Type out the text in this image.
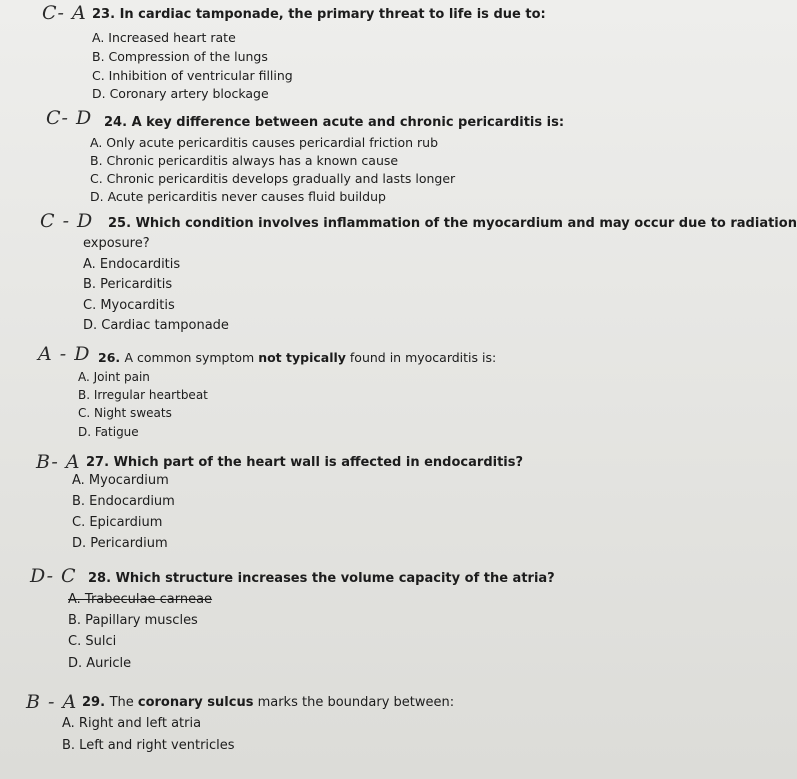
C- A 23. In cardiac tamponade, the primary threat to life is due to:
A. Increased heart rate
B. Compression of the lungs
C. Inhibition of ventricular filling
D. Coronary artery blockage
C- D 24. A key difference between acute and chronic pericarditis is:
A. Only acute pericarditis causes pericardial friction rub
B. Chronic pericarditis always has a known cause
C. Chronic pericarditis develops gradually and lasts longer
D. Acute pericarditis never causes fluid buildup
C - D 25. Which condition involves inflammation of the myocardium and may occur due to radiation
exposure?
A. Endocarditis
B. Pericarditis
C. Myocarditis
D. Cardiac tamponade
A - D 26. A common symptom not typically found in myocarditis is:
A. Joint pain
B. Irregular heartbeat
C. Night sweats
D. Fatigue
B- A 27. Which part of the heart wall is affected in endocarditis?
A. Myocardium
B. Endocardium
C. Epicardium
D. Pericardium
D- C 28. Which structure increases the volume capacity of the atria?
A. Trabeculae carneae
B. Papillary muscles
C. Sulci
D. Auricle
B - A 29. The coronary sulcus marks the boundary between:
A. Right and left atria
B. Left and right ventricles
